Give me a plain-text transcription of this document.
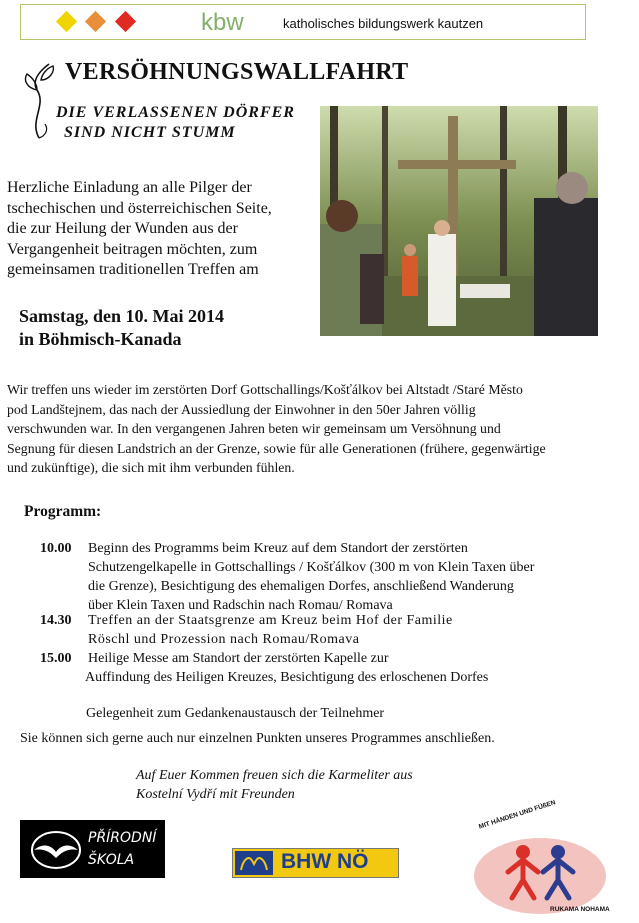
kbw	katholisches bildungswerk kautzen
VERSÖHNUNGSWALLFAHRT
DIE VERLASSENEN DÖRFER
SIND NICHT STUMM
Herzliche Einladung an alle Pilger der
tschechischen und österreichischen Seite,
die zur Heilung der Wunden aus der
Vergangenheit beitragen möchten, zum
gemeinsamen traditionellen Treffen am
Samstag, den 10. Mai 2014
in Böhmisch-Kanada
Wir treffen uns wieder im zerstörten Dorf Gottschallings/Košťálkov bei Altstadt /Staré Město
pod Landštejnem, das nach der Aussiedlung der Einwohner in den 50er Jahren völlig
verschwunden war. In den vergangenen Jahren beten wir gemeinsam um Versöhnung und
Segnung für diesen Landstrich an der Grenze, sowie für alle Generationen (frühere, gegenwärtige
und zukünftige), die sich mit ihm verbunden fühlen.
Programm:
10.00 Beginn des Programms beim Kreuz auf dem Standort der zerstörten
Schutzengelkapelle in Gottschallings / Košťálkov (300 m von Klein Taxen über
die Grenze), Besichtigung des ehemaligen Dorfes, anschließend Wanderung
über Klein Taxen und Radschin nach Romau/ Romava
14.30 Treffen an der Staatsgrenze am Kreuz beim Hof der Familie
Röschl und Prozession nach Romau/Romava
15.00 Heilige Messe am Standort der zerstörten Kapelle zur
Auffindung des Heiligen Kreuzes, Besichtigung des erloschenen Dorfes
Gelegenheit zum Gedankenaustausch der Teilnehmer
Sie können sich gerne auch nur einzelnen Punkten unseres Programmes anschließen.
Auf Euer Kommen freuen sich die Karmeliter aus
Kostelní Vydří mit Freunden
PŘÍRODNÍ
ŠKOLA	BHW NÖ
MIT HÄNDEN UND FÜßEN
RUKAMA NOHAMA
